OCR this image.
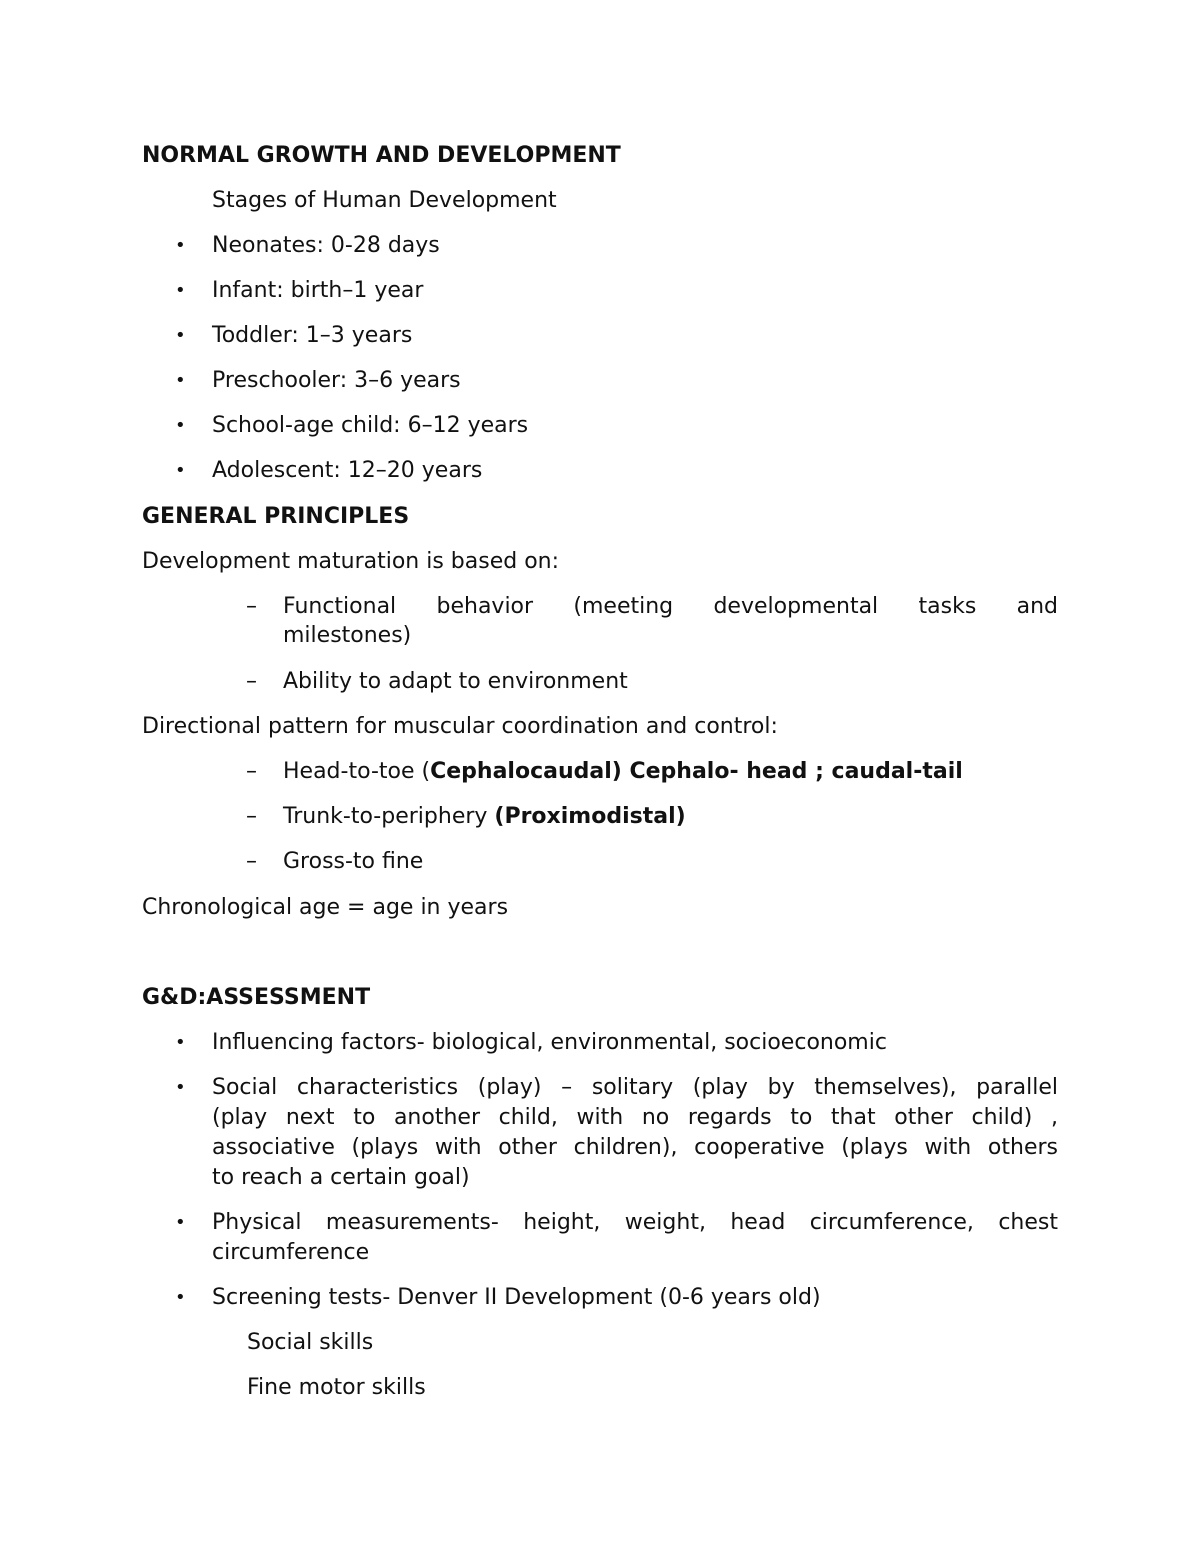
NORMAL GROWTH AND DEVELOPMENT
Stages of Human Development
• Neonates: 0-28 days
• Infant: birth–1 year
• Toddler: 1–3 years
• Preschooler: 3–6 years
• School-age child: 6–12 years
• Adolescent: 12–20 years
GENERAL PRINCIPLES
Development maturation is based on:
– Functional behavior (meeting developmental tasks and
milestones)
– Ability to adapt to environment
Directional pattern for muscular coordination and control:
– Head-to-toe (Cephalocaudal) Cephalo- head ; caudal-tail
– Trunk-to-periphery (Proximodistal)
– Gross-to fine
Chronological age = age in years
G&D:ASSESSMENT
• Influencing factors- biological, environmental, socioeconomic
• Social characteristics (play) – solitary (play by themselves), parallel
(play next to another child, with no regards to that other child) ,
associative (plays with other children), cooperative (plays with others
to reach a certain goal)
• Physical measurements- height, weight, head circumference, chest
circumference
• Screening tests- Denver II Development (0-6 years old)
Social skills
Fine motor skills
